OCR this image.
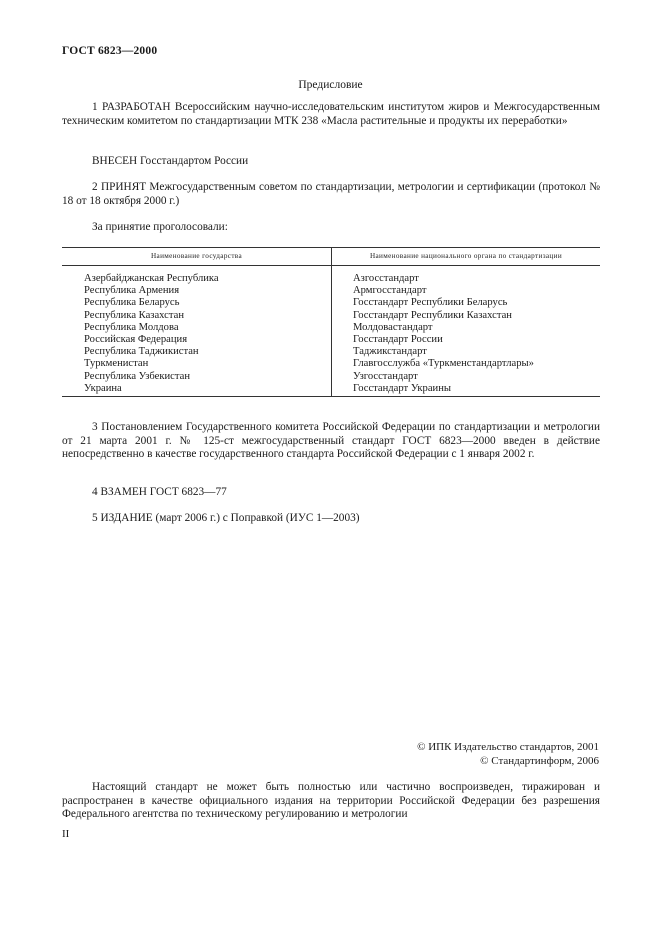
ГОСТ 6823—2000
Предисловие
1 РАЗРАБОТАН Всероссийским научно-исследовательским институтом жиров и Межгосударственным техническим комитетом по стандартизации МТК 238 «Масла растительные и продукты их переработки»
ВНЕСЕН Госстандартом России
2 ПРИНЯТ Межгосударственным советом по стандартизации, метрологии и сертификации (протокол № 18 от 18 октября 2000 г.)
За принятие проголосовали:
Наименование государства	Наименование национального органа по стандартизации
Азербайджанская Республика	Азгосстандарт
Республика Армения	Армгосстандарт
Республика Беларусь	Госстандарт Республики Беларусь
Республика Казахстан	Госстандарт Республики Казахстан
Республика Молдова	Молдовастандарт
Российская Федерация	Госстандарт России
Республика Таджикистан	Таджикстандарт
Туркменистан	Главгосслужба «Туркменстандартлары»
Республика Узбекистан	Узгосстандарт
Украина	Госстандарт Украины
3 Постановлением Государственного комитета Российской Федерации по стандартизации и метрологии от 21 марта 2001 г. № 125-ст межгосударственный стандарт ГОСТ 6823—2000 введен в действие непосредственно в качестве государственного стандарта Российской Федерации с 1 января 2002 г.
4 ВЗАМЕН ГОСТ 6823—77
5 ИЗДАНИЕ (март 2006 г.) с Поправкой (ИУС 1—2003)
© ИПК Издательство стандартов, 2001
© Стандартинформ, 2006
Настоящий стандарт не может быть полностью или частично воспроизведен, тиражирован и распространен в качестве официального издания на территории Российской Федерации без разрешения Федерального агентства по техническому регулированию и метрологии
II
